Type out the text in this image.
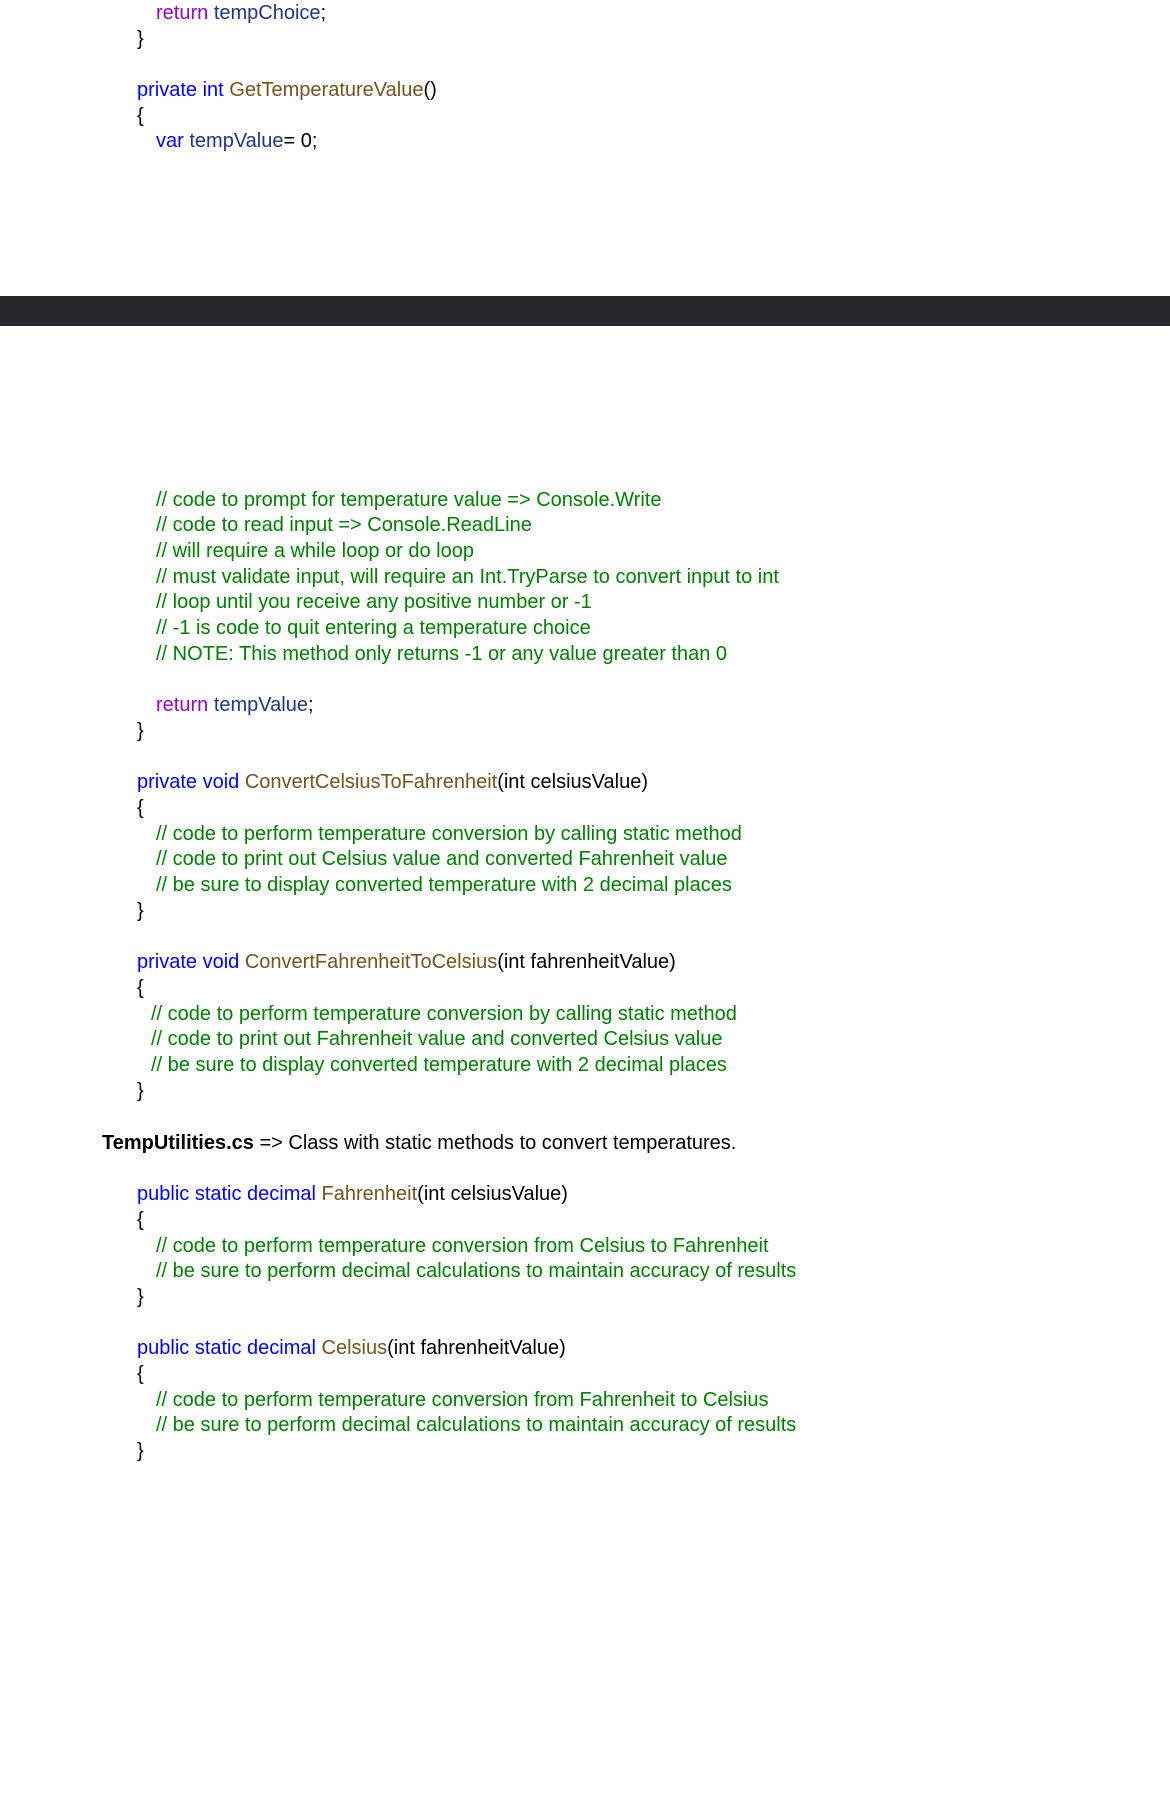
return tempChoice;
}
private int GetTemperatureValue()
{
var tempValue= 0;
// code to prompt for temperature value => Console.Write
// code to read input => Console.ReadLine
// will require a while loop or do loop
// must validate input, will require an Int.TryParse to convert input to int
// loop until you receive any positive number or -1
// -1 is code to quit entering a temperature choice
// NOTE: This method only returns -1 or any value greater than 0
return tempValue;
}
private void ConvertCelsiusToFahrenheit(int celsiusValue)
{
// code to perform temperature conversion by calling static method
// code to print out Celsius value and converted Fahrenheit value
// be sure to display converted temperature with 2 decimal places
}
private void ConvertFahrenheitToCelsius(int fahrenheitValue)
{
// code to perform temperature conversion by calling static method
// code to print out Fahrenheit value and converted Celsius value
// be sure to display converted temperature with 2 decimal places
}
TempUtilities.cs => Class with static methods to convert temperatures.
public static decimal Fahrenheit(int celsiusValue)
{
// code to perform temperature conversion from Celsius to Fahrenheit
// be sure to perform decimal calculations to maintain accuracy of results
}
public static decimal Celsius(int fahrenheitValue)
{
// code to perform temperature conversion from Fahrenheit to Celsius
// be sure to perform decimal calculations to maintain accuracy of results
}
